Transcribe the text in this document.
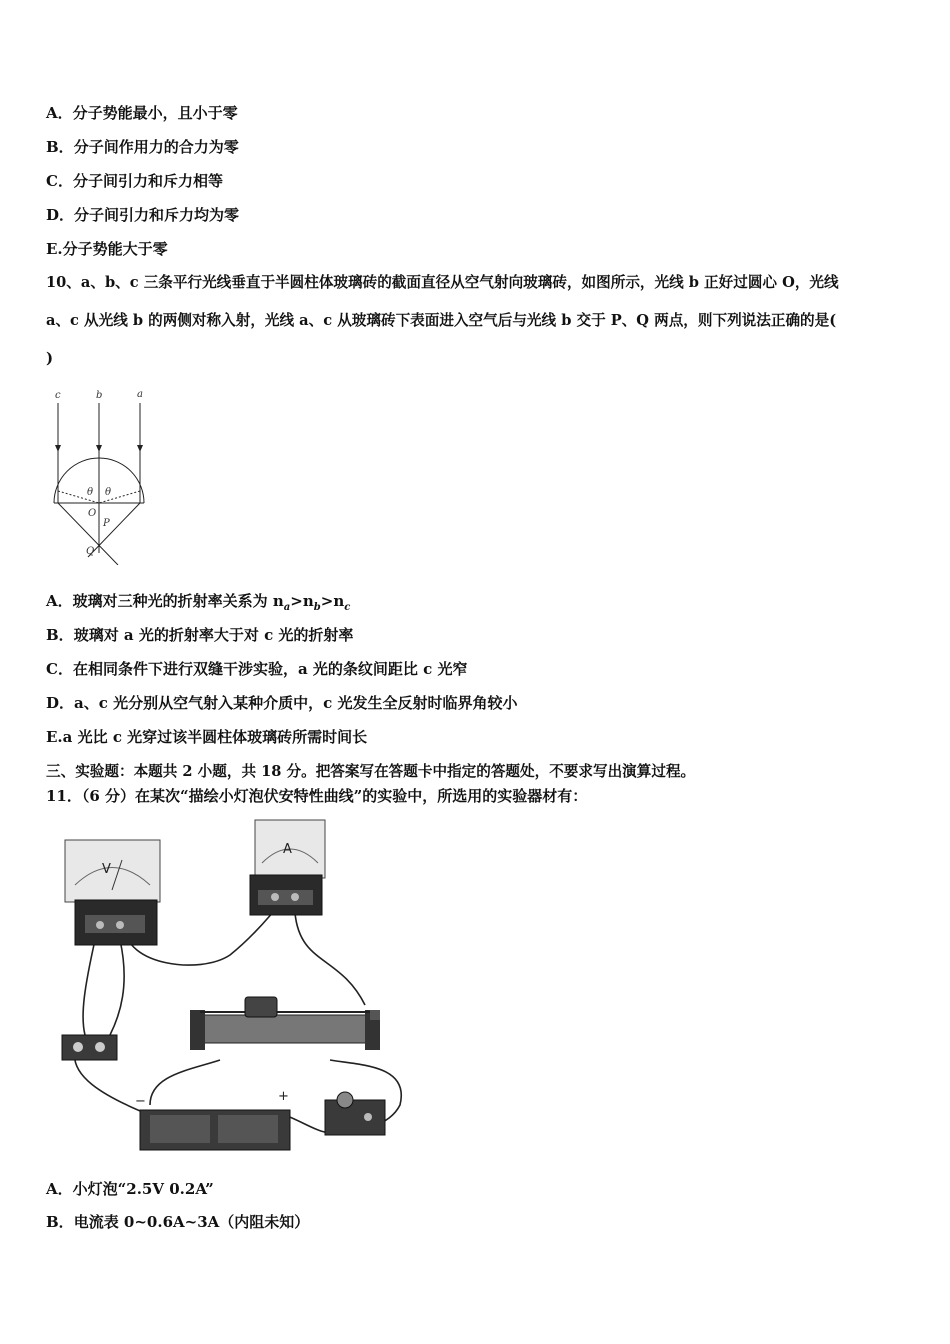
A．分子势能最小，且小于零
B．分子间作用力的合力为零
C．分子间引力和斥力相等
D．分子间引力和斥力均为零
E.分子势能大于零
10、a、b、c 三条平行光线垂直于半圆柱体玻璃砖的截面直径从空气射向玻璃砖，如图所示，光线 b 正好过圆心 O，光线
a、c 从光线 b 的两侧对称入射，光线 a、c 从玻璃砖下表面进入空气后与光线 b 交于 P、Q 两点，则下列说法正确的是(
)
c	b	a
θ θ
O
P
Q
A．玻璃对三种光的折射率关系为 $n_a>n_b>n_c$
B．玻璃对 a 光的折射率大于对 c 光的折射率
C．在相同条件下进行双缝干涉实验，a 光的条纹间距比 c 光窄
D．a、c 光分别从空气射入某种介质中，c 光发生全反射时临界角较小
E.a 光比 c 光穿过该半圆柱体玻璃砖所需时间长
三、实验题：本题共 2 小题，共 18 分。把答案写在答题卡中指定的答题处，不要求写出演算过程。
11．（6 分）在某次“描绘小灯泡伏安特性曲线”的实验中，所选用的实验器材有：
V
A
−	+
A．小灯泡“2.5V 0.2A”
B．电流表 0~0.6A~3A（内阻未知）
